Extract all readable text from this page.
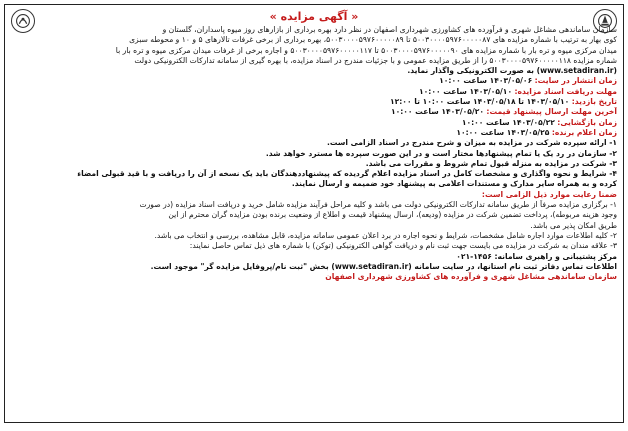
« آگهی مزایده »

سازمان ساماندهی مشاغل شهری و فرآورده های کشاورزی شهرداری اصفهان در نظر دارد بهره برداری از بازارهای روز میوه پاسداران، گلستان و

کوی بهار به ترتیب با شماره مزایده های ۵۰۰۳۰۰۰۰۵۹۷۶۰۰۰۰۰۸۷ تا ۵۰۰۳۰۰۰۰۵۹۷۶۰۰۰۰۰۸۹، بهره برداری از برخی غرفات تالارهای ۵ و ۱۰ و محوطه سبزی

میدان مرکزی میوه و تره بار با شماره مزایده های ۵۰۰۳۰۰۰۰۵۹۷۶۰۰۰۰۰۹۰ تا ۵۰۰۳۰۰۰۰۵۹۷۶۰۰۰۰۰۱۱۷ و اجاره برخی از غرفات میدان مرکزی میوه و تره بار با

شماره مزایده ۵۰۰۳۰۰۰۰۵۹۷۶۰۰۰۰۰۱۱۸ را از طریق مزایده عمومی و با جزئیات مندرج در اسناد مزایده، با بهره گیری از سامانه تدارکات الکترونیکی دولت

(www.setadiran.ir) به صورت الکترونیکی واگذار نماید.

زمان انتشار در سایت: ۱۴۰۳/۰۵/۰۶ ساعت ۱۰:۰۰

مهلت دریافت اسناد مزایده: ۱۴۰۳/۰۵/۱۰ ساعت ۱۰:۰۰

تاریخ بازدید: ۱۴۰۳/۰۵/۱۰ تا ۱۴۰۳/۰۵/۱۸ ساعت ۱۰:۰۰ تا ۱۲:۰۰

آخرین مهلت ارسال پیشنهاد قیمت: ۱۴۰۳/۰۵/۲۰ ساعت ۱۰:۰۰

زمان بازگشایی: ۱۴۰۳/۰۵/۲۲ ساعت ۱۰:۰۰

زمان اعلام برنده: ۱۴۰۳/۰۵/۲۵ ساعت ۱۰:۰۰

۱- ارائه سپرده شرکت در مزایده به میزان و شرح مندرج در اسناد الزامی است.

۲- سازمان در رد یک یا تمام پیشنهادها مختار است و در این صورت سپرده ها مسترد خواهد شد.

۳- شرکت در مزایده به منزله قبول تمام شروط و مقررات می باشد.

۴- شرایط و نحوه واگذاری و مشخصات کامل در اسناد مزایده اعلام گردیده که پیشنهاددهندگان باید یک نسخه از آن را دریافت و با قید قبولی امضاء

کرده و به همراه سایر مدارک و مستندات اعلامی به پیشنهاد خود ضمیمه و ارسال نمایند.

ضمنا رعایت موارد ذیل الزامی است:

۱- برگزاری مزایده صرفاً از طریق سامانه تدارکات الکترونیکی دولت می باشد و کلیه مراحل فرآیند مزایده شامل خرید و دریافت اسناد مزایده (در صورت

وجود هزینه مربوطه)، پرداخت تضمین شرکت در مزایده (ودیعه)، ارسال پیشنهاد قیمت و اطلاع از وضعیت برنده بودن مزایده گران محترم از این

طریق امکان پذیر می باشد.

۲- کلیه اطلاعات موارد اجاره شامل مشخصات، شرایط و نحوه اجاره در برد اعلان عمومی سامانه مزایده، قابل مشاهده، بررسی و انتخاب می باشد.

۳- علاقه مندان به شرکت در مزایده می بایست جهت ثبت نام و دریافت گواهی الکترونیکی (توکن) با شماره های ذیل تماس حاصل نمایند:

مرکز پشتیبانی و راهبری سامانه: ۱۴۵۶-۰۲۱

اطلاعات تماس دفاتر ثبت نام استانها، در سایت سامانه (www.setadiran.ir) بخش "ثبت نام/پروفایل مزایده گر" موجود است.

سازمان ساماندهی مشاغل شهری و فرآورده های کشاورزی شهرداری اصفهان
